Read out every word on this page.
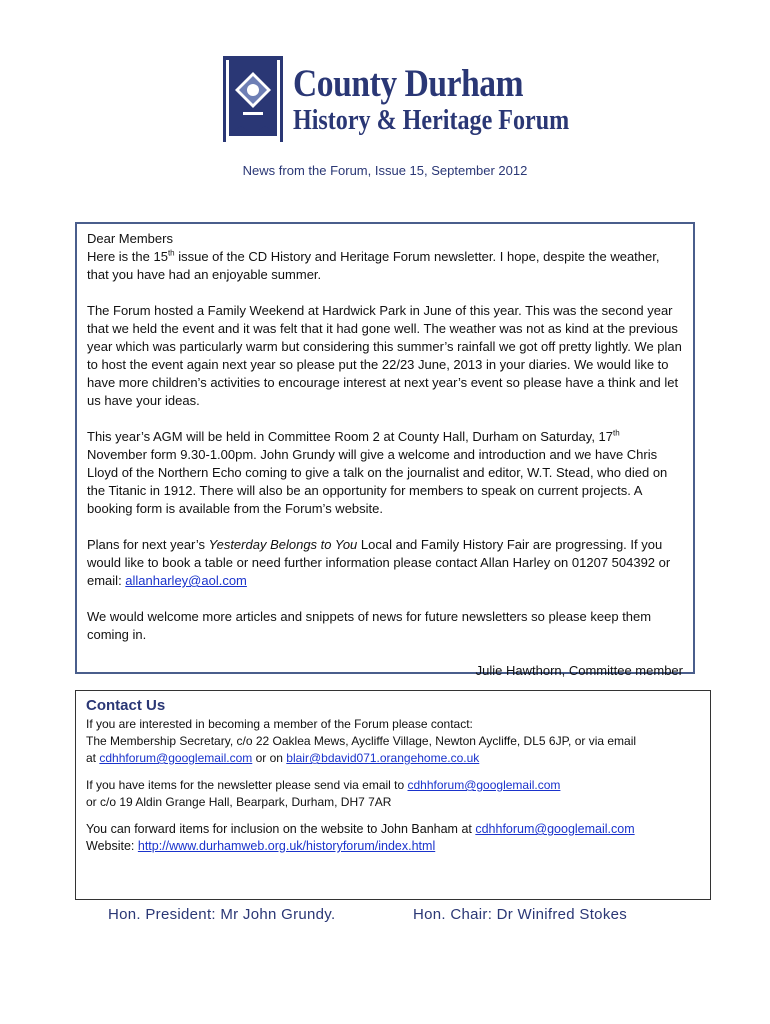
County Durham
History & Heritage Forum
News from the Forum, Issue 15, September 2012

Dear Members

Here is the 15th issue of the CD History and Heritage Forum newsletter. I hope, despite the weather, that you have had an enjoyable summer.

The Forum hosted a Family Weekend at Hardwick Park in June of this year. This was the second year that we held the event and it was felt that it had gone well. The weather was not as kind at the previous year which was particularly warm but considering this summer’s rainfall we got off pretty lightly. We plan to host the event again next year so please put the 22/23 June, 2013 in your diaries. We would like to have more children’s activities to encourage interest at next year’s event so please have a think and let us have your ideas.

This year’s AGM will be held in Committee Room 2 at County Hall, Durham on Saturday, 17th November form 9.30-1.00pm. John Grundy will give a welcome and introduction and we have Chris Lloyd of the Northern Echo coming to give a talk on the journalist and editor, W.T. Stead, who died on the Titanic in 1912. There will also be an opportunity for members to speak on current projects. A booking form is available from the Forum’s website.

Plans for next year’s Yesterday Belongs to You Local and Family History Fair are progressing. If you would like to book a table or need further information please contact Allan Harley on 01207 504392 or email: allanharley@aol.com

We would welcome more articles and snippets of news for future newsletters so please keep them coming in.

Julie Hawthorn, Committee member

Contact Us

If you are interested in becoming a member of the Forum please contact:
The Membership Secretary, c/o 22 Oaklea Mews, Aycliffe Village, Newton Aycliffe, DL5 6JP, or via email
at cdhhforum@googlemail.com or on blair@bdavid071.orangehome.co.uk

If you have items for the newsletter please send via email to cdhhforum@googlemail.com
or c/o 19 Aldin Grange Hall, Bearpark, Durham, DH7 7AR

You can forward items for inclusion on the website to John Banham at cdhhforum@googlemail.com
Website: http://www.durhamweb.org.uk/historyforum/index.html

Hon. President: Mr John Grundy.	Hon. Chair: Dr Winifred Stokes
